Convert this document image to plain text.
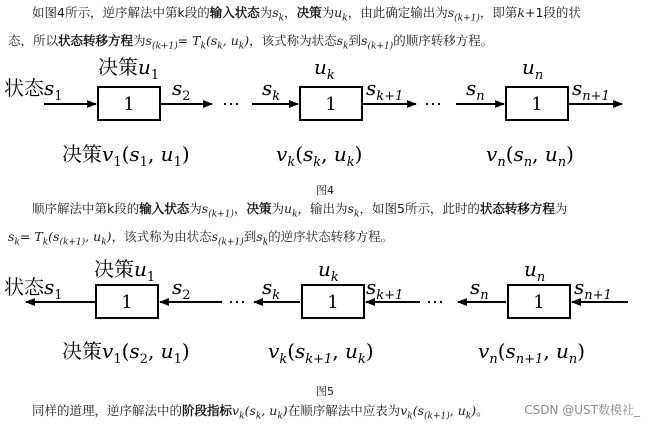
如图4所示，逆序解法中第k段的输入状态为$s_k$，决策为$u_k$，由此确定输出为$s_{(k+1)}$，即第k+1段的状
态，所以状态转移方程为$s_{(k+1)}= T_k(s_k$, $u_k$)，该式称为状态$s_k$到$s_{(k+1)}$的顺序转移方程。

状态$s_1$
决策$u_1$
1
$s_2$ ⋯
决策$v_1(s_1$, $u_1$)
$u_k$
$s_k$	1
$s_{k+1}$ ⋯
$v_k(s_k$, $u_k$)
$u_n$
$s_n$	1
$s_{n+1}$
$v_n(s_n$, $u_n$)
图4

顺序解法中第k段的输入状态为$s_{(k+1)}$，决策为$u_k$，输出为$s_k$，如图5所示，此时的状态转移方程为
$s_k= T_k(s_{(k+1)}$, $u_k$)，该式称为由状态$s_{(k+1)}$到$s_k$的逆序状态转移方程。

决策$u_1$
状态$s_1$	1
$s_2$ ⋯
决策$v_1(s_2$, $u_1$)
$u_k$
$s_k$	1
$s_{k+1}$ ⋯
$v_k(s_{k+1}$, $u_k$)
$u_n$
$s_n$ 1
$s_{n+1}$
$v_n(s_{n+1}$, $u_n$)
图5

同样的道理，逆序解法中的阶段指标$v_k(s_k$, $u_k$)在顺序解法中应表为$v_k(s_{(k+1)}$, $u_k$)。	CSDN @UST数模社_
